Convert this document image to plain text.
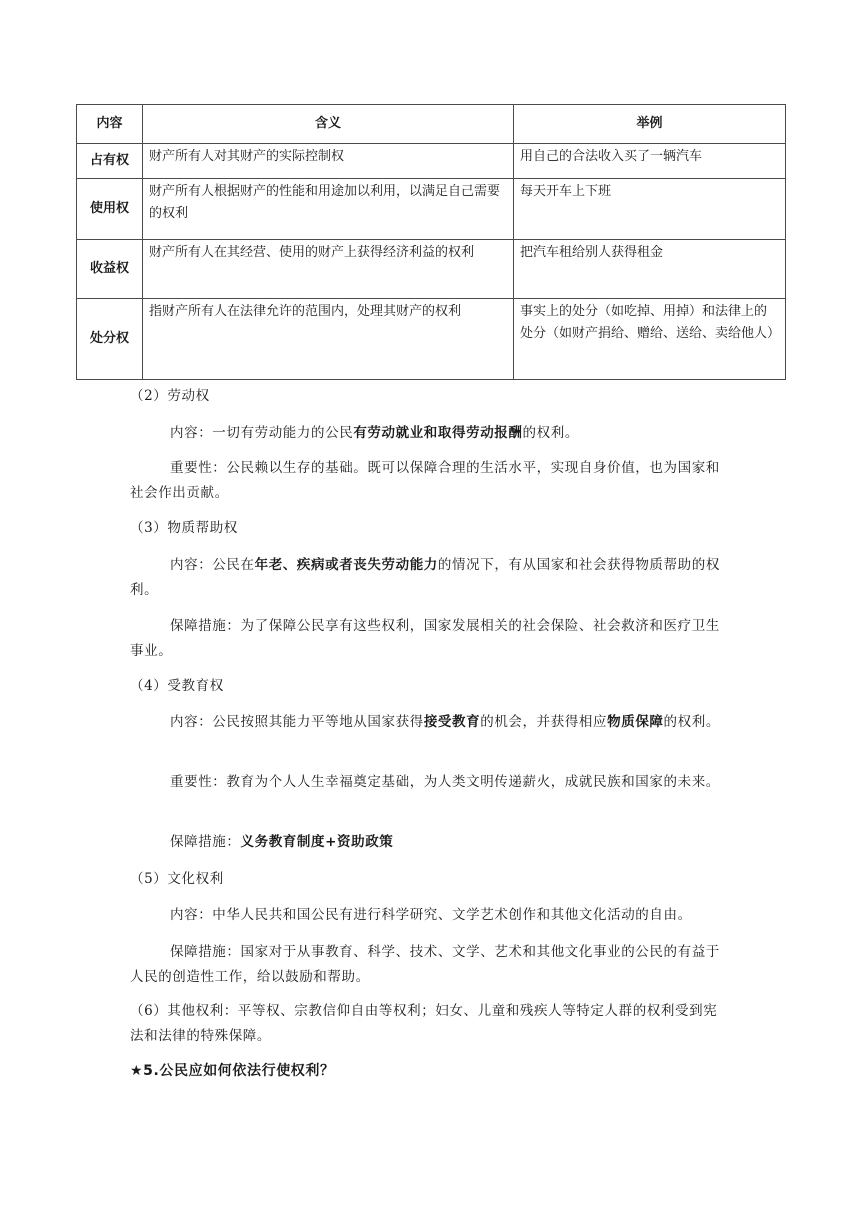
内容	含义	举例
占有权	财产所有人对其财产的实际控制权	用自己的合法收入买了一辆汽车
使用权	财产所有人根据财产的性能和用途加以利用，以满足自己需要的权利	每天开车上下班
收益权	财产所有人在其经营、使用的财产上获得经济利益的权利	把汽车租给别人获得租金
处分权	指财产所有人在法律允许的范围内，处理其财产的权利	事实上的处分（如吃掉、用掉）和法律上的处分（如财产捐给、赠给、送给、卖给他人）
（2）劳动权
内容：一切有劳动能力的公民有劳动就业和取得劳动报酬的权利。
重要性：公民赖以生存的基础。既可以保障合理的生活水平，实现自身价值，也为国家和社会作出贡献。
（3）物质帮助权
内容：公民在年老、疾病或者丧失劳动能力的情况下，有从国家和社会获得物质帮助的权利。
保障措施：为了保障公民享有这些权利，国家发展相关的社会保险、社会救济和医疗卫生事业。
（4）受教育权
内容：公民按照其能力平等地从国家获得接受教育的机会，并获得相应物质保障的权利。
重要性：教育为个人人生幸福奠定基础，为人类文明传递薪火，成就民族和国家的未来。
保障措施：义务教育制度+资助政策
（5）文化权利
内容：中华人民共和国公民有进行科学研究、文学艺术创作和其他文化活动的自由。
保障措施：国家对于从事教育、科学、技术、文学、艺术和其他文化事业的公民的有益于人民的创造性工作，给以鼓励和帮助。
（6）其他权利：平等权、宗教信仰自由等权利；妇女、儿童和残疾人等特定人群的权利受到宪法和法律的特殊保障。
★5.公民应如何依法行使权利？
